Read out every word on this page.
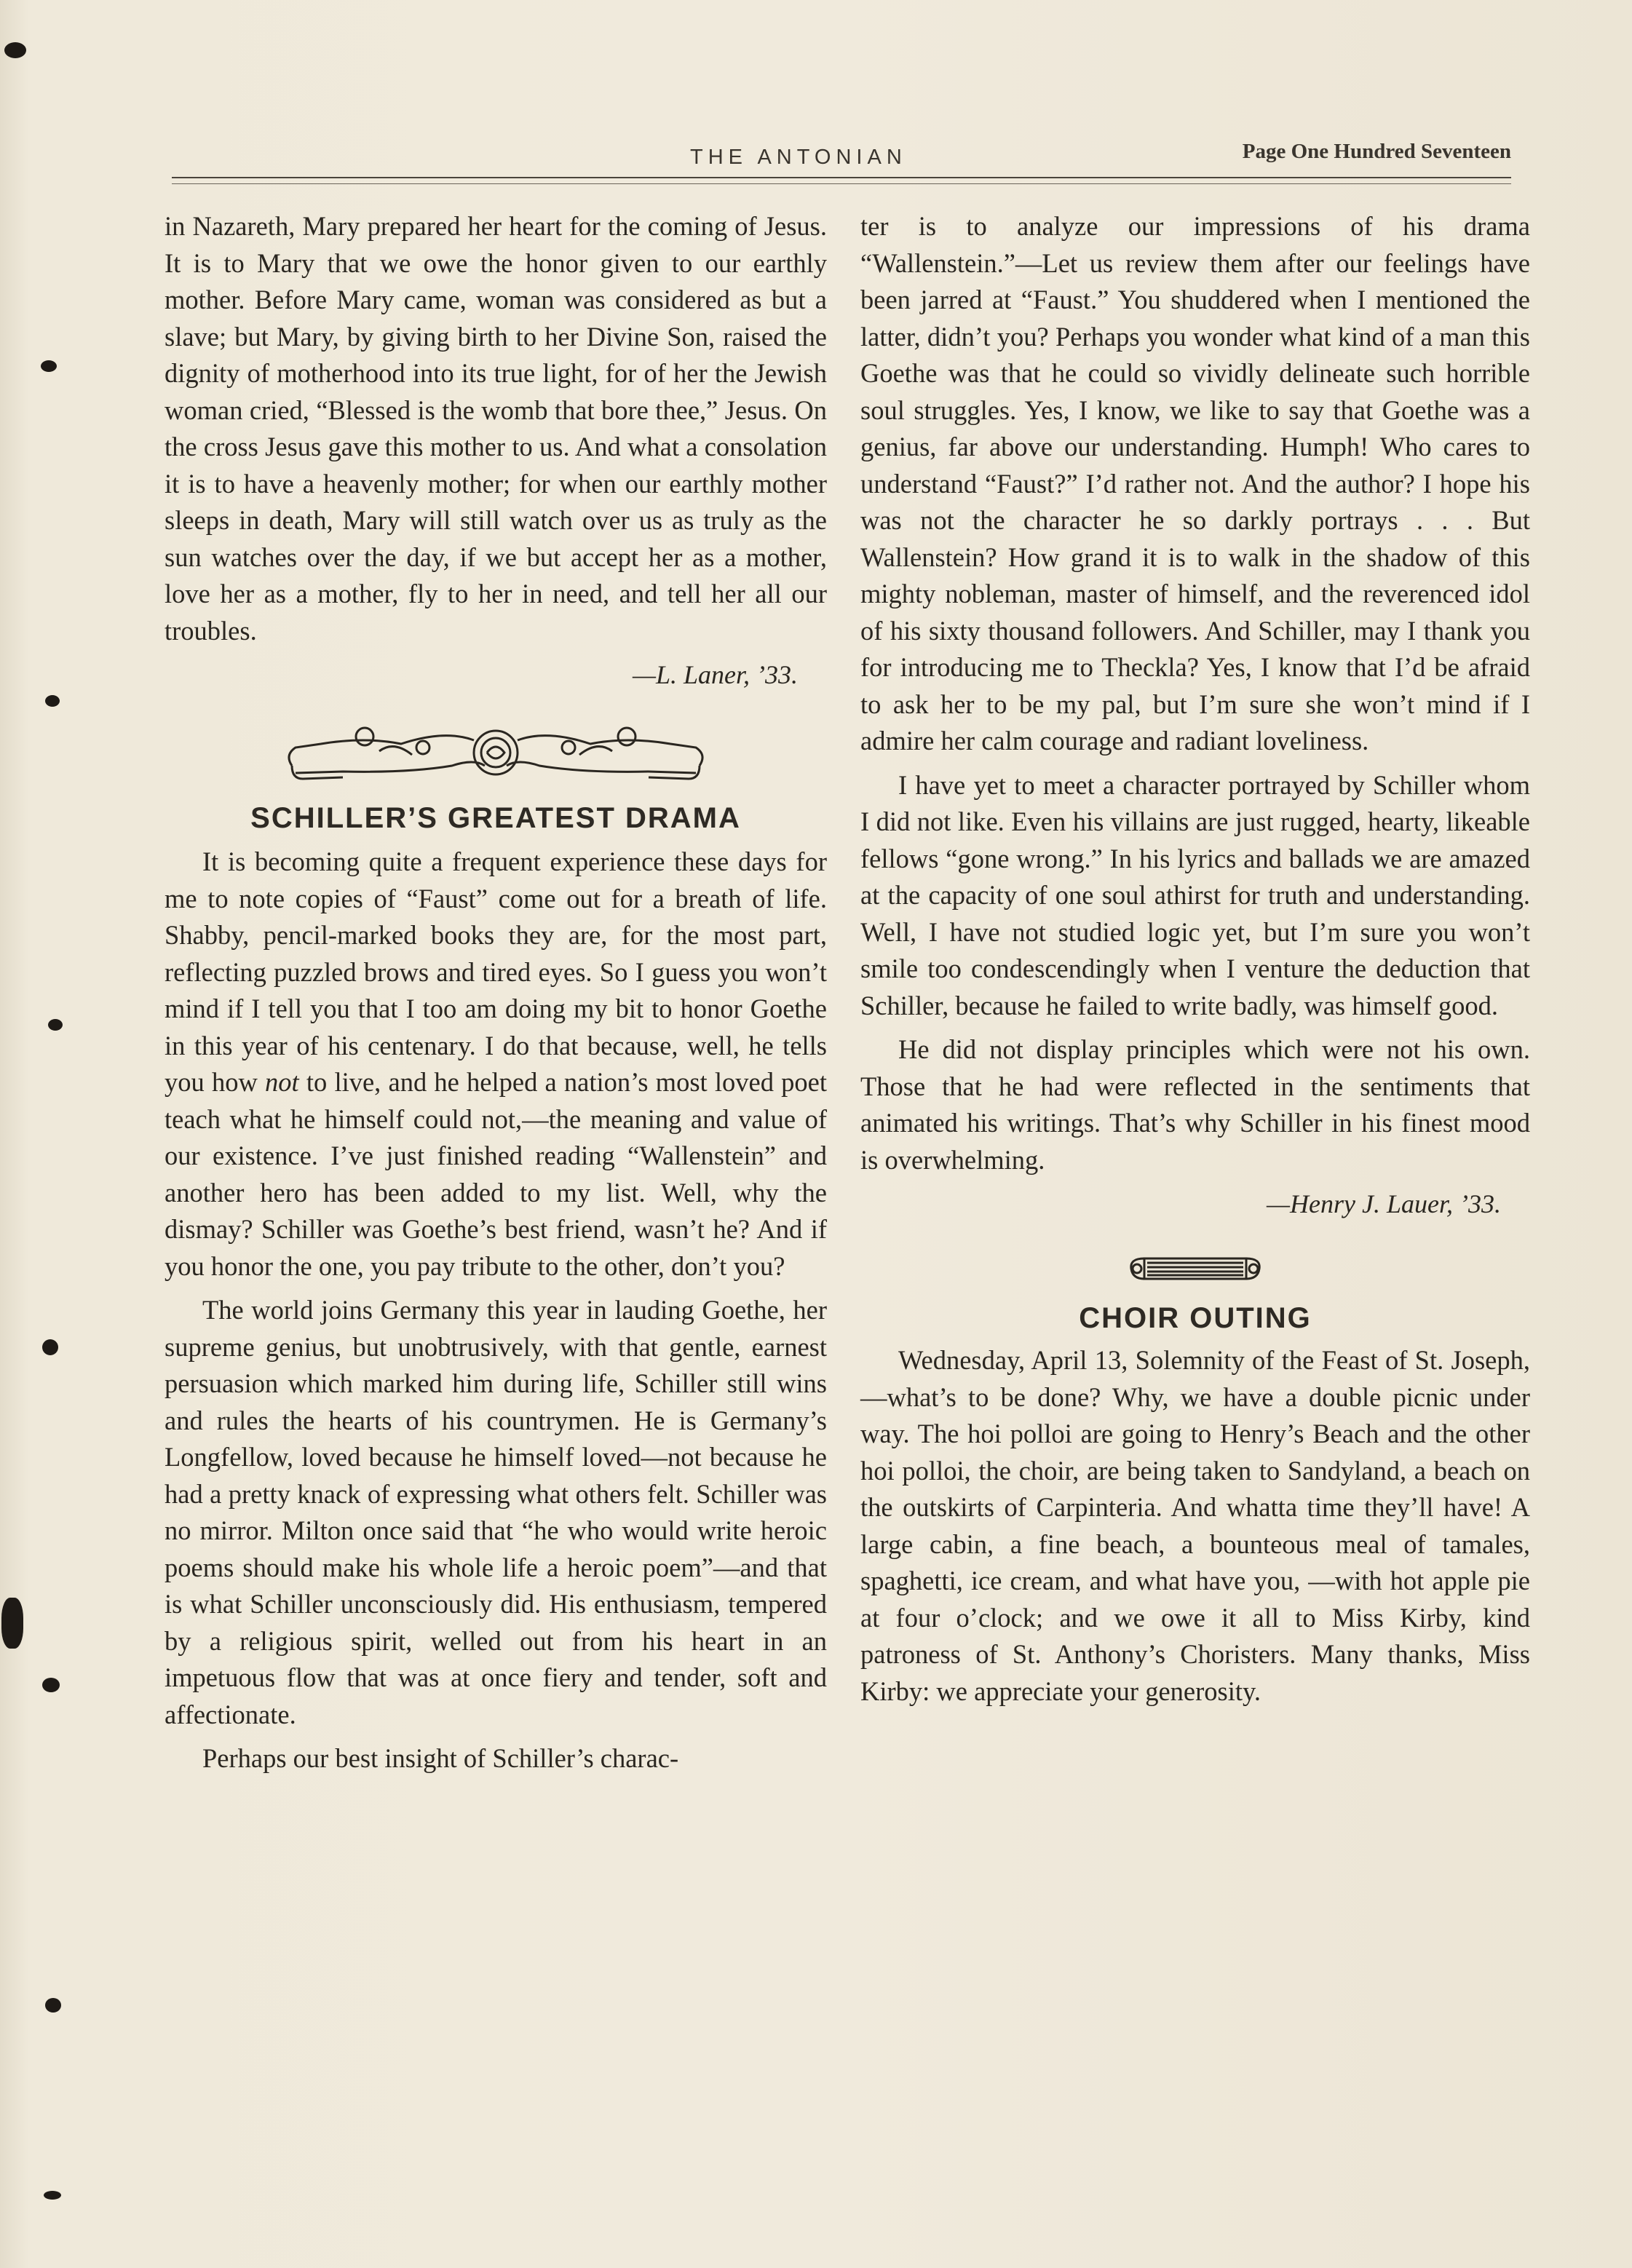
THE ANTONIAN	Page One Hundred Seventeen

in Nazareth, Mary prepared her heart for the coming of Jesus. It is to Mary that we owe the honor given to our earthly mother. Before Mary came, woman was considered as but a slave; but Mary, by giving birth to her Divine Son, raised the dignity of motherhood into its true light, for of her the Jewish woman cried, “Blessed is the womb that bore thee,” Jesus. On the cross Jesus gave this mother to us. And what a consolation it is to have a heavenly mother; for when our earthly mother sleeps in death, Mary will still watch over us as truly as the sun watches over the day, if we but accept her as a mother, love her as a mother, fly to her in need, and tell her all our troubles.

—L. Laner, ’33.
SCHILLER’S GREATEST DRAMA

It is becoming quite a frequent experience these days for me to note copies of “Faust” come out for a breath of life. Shabby, pencil-marked books they are, for the most part, reflecting puzzled brows and tired eyes. So I guess you won’t mind if I tell you that I too am doing my bit to honor Goethe in this year of his centenary. I do that because, well, he tells you how not to live, and he helped a nation’s most loved poet teach what he himself could not,—the meaning and value of our existence. I’ve just finished reading “Wallenstein” and another hero has been added to my list. Well, why the dismay? Schiller was Goethe’s best friend, wasn’t he? And if you honor the one, you pay tribute to the other, don’t you?

The world joins Germany this year in lauding Goethe, her supreme genius, but unobtrusively, with that gentle, earnest persuasion which marked him during life, Schiller still wins and rules the hearts of his countrymen. He is Germany’s Longfellow, loved because he himself loved—not because he had a pretty knack of expressing what others felt. Schiller was no mirror. Milton once said that “he who would write heroic poems should make his whole life a heroic poem”—and that is what Schiller unconsciously did. His enthusiasm, tempered by a religious spirit, welled out from his heart in an impetuous flow that was at once fiery and tender, soft and affectionate.

Perhaps our best insight of Schiller’s charac-

ter is to analyze our impressions of his drama “Wallenstein.”—Let us review them after our feelings have been jarred at “Faust.” You shuddered when I mentioned the latter, didn’t you? Perhaps you wonder what kind of a man this Goethe was that he could so vividly delineate such horrible soul struggles. Yes, I know, we like to say that Goethe was a genius, far above our understanding. Humph! Who cares to understand “Faust?” I’d rather not. And the author? I hope his was not the character he so darkly portrays . . . But Wallenstein? How grand it is to walk in the shadow of this mighty nobleman, master of himself, and the reverenced idol of his sixty thousand followers. And Schiller, may I thank you for introducing me to Theckla? Yes, I know that I’d be afraid to ask her to be my pal, but I’m sure she won’t mind if I admire her calm courage and radiant loveliness.

I have yet to meet a character portrayed by Schiller whom I did not like. Even his villains are just rugged, hearty, likeable fellows “gone wrong.” In his lyrics and ballads we are amazed at the capacity of one soul athirst for truth and understanding. Well, I have not studied logic yet, but I’m sure you won’t smile too condescendingly when I venture the deduction that Schiller, because he failed to write badly, was himself good.

He did not display principles which were not his own. Those that he had were reflected in the sentiments that animated his writings. That’s why Schiller in his finest mood is overwhelming.

—Henry J. Lauer, ’33.
CHOIR OUTING

Wednesday, April 13, Solemnity of the Feast of St. Joseph,—what’s to be done? Why, we have a double picnic under way. The hoi polloi are going to Henry’s Beach and the other hoi polloi, the choir, are being taken to Sandyland, a beach on the outskirts of Carpinteria. And whatta time they’ll have! A large cabin, a fine beach, a bounteous meal of tamales, spaghetti, ice cream, and what have you, —with hot apple pie at four o’clock; and we owe it all to Miss Kirby, kind patroness of St. Anthony’s Choristers. Many thanks, Miss Kirby: we appreciate your generosity.
